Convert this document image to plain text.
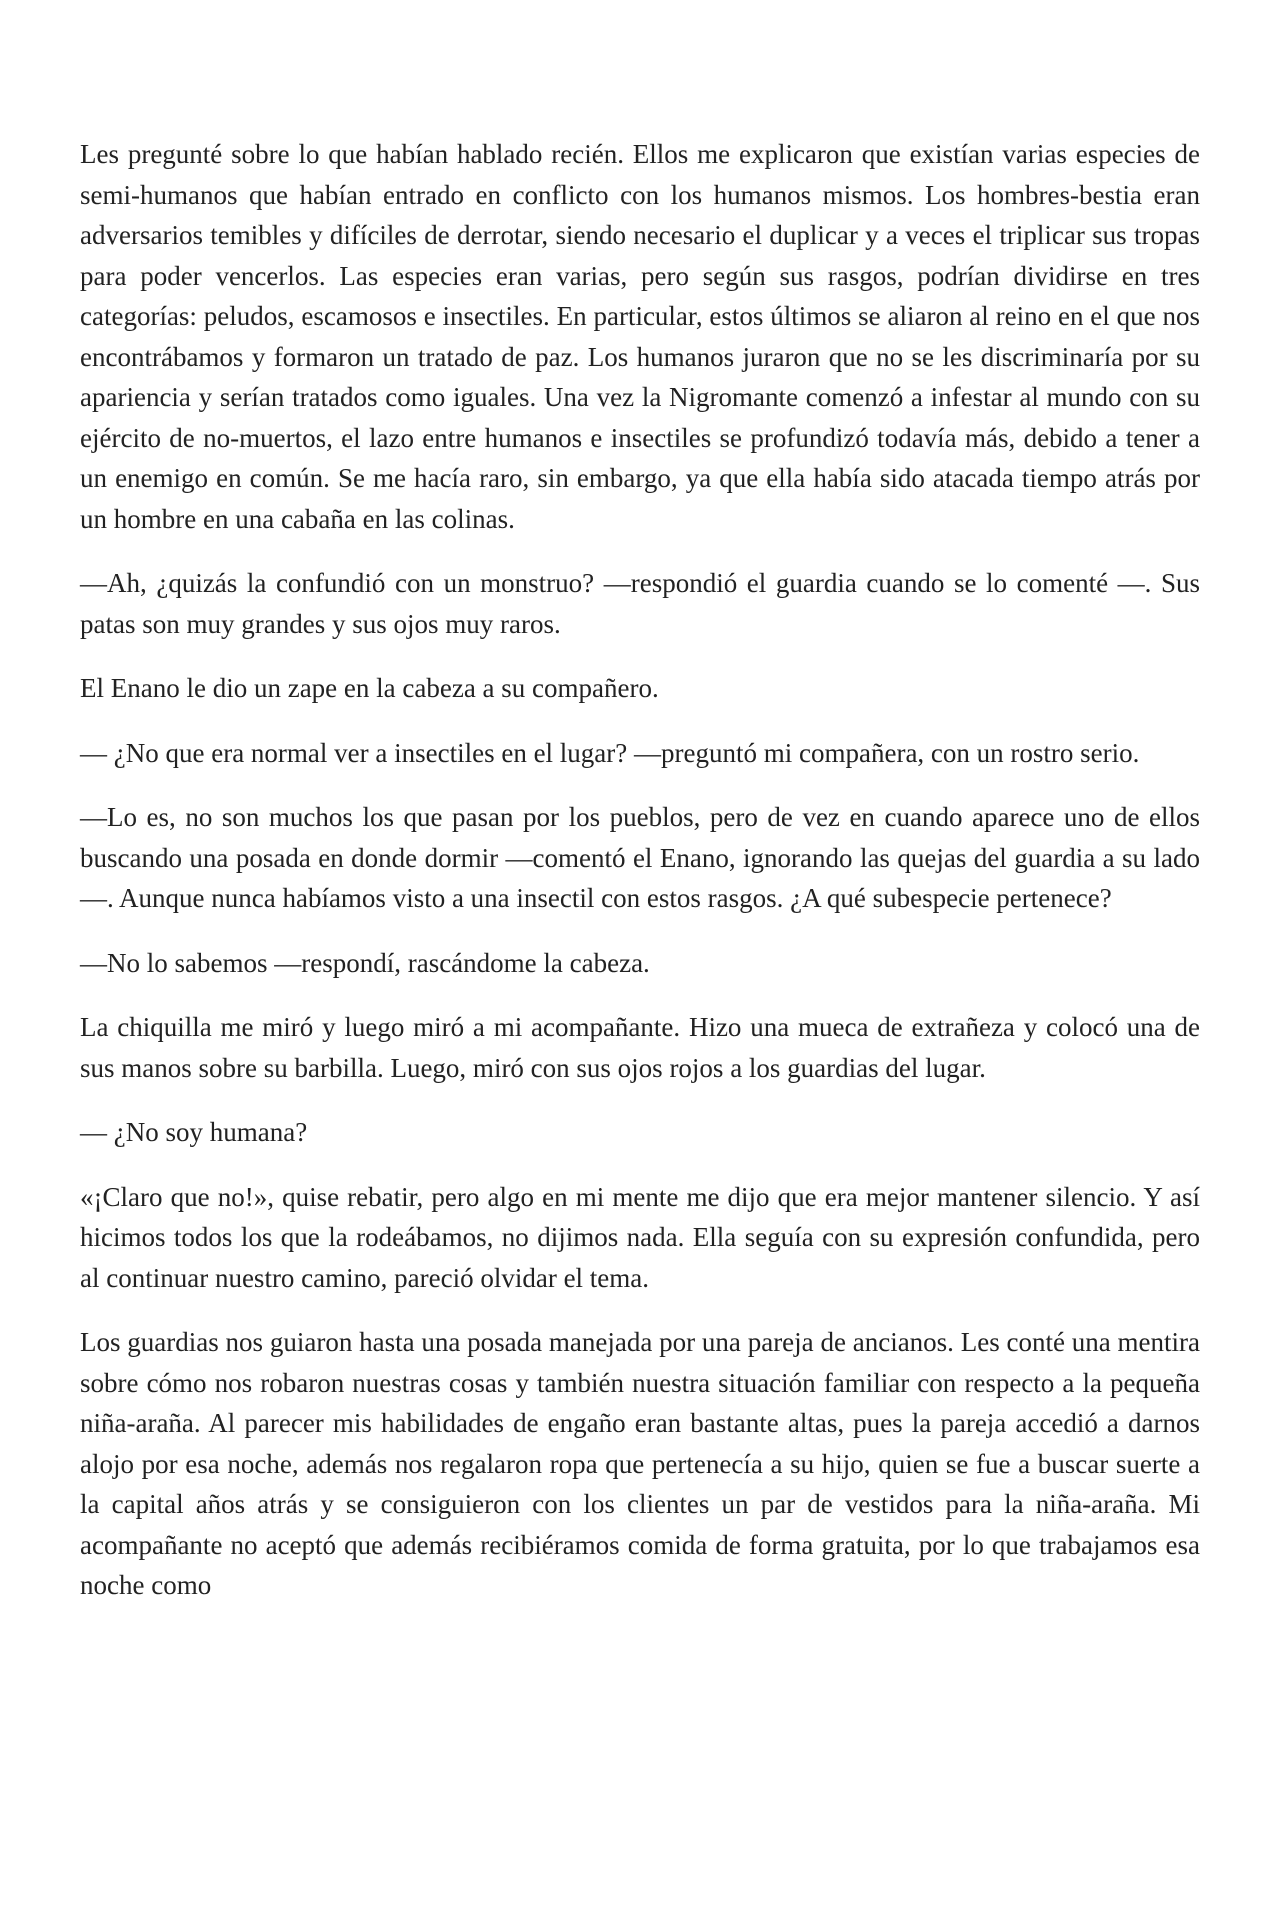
Les pregunté sobre lo que habían hablado recién. Ellos me explicaron que existían varias especies de semi-humanos que habían entrado en conflicto con los humanos mismos. Los hombres-bestia eran adversarios temibles y difíciles de derrotar, siendo necesario el duplicar y a veces el triplicar sus tropas para poder vencerlos. Las especies eran varias, pero según sus rasgos, podrían dividirse en tres categorías: peludos, escamosos e insectiles. En particular, estos últimos se aliaron al reino en el que nos encontrábamos y formaron un tratado de paz. Los humanos juraron que no se les discriminaría por su apariencia y serían tratados como iguales. Una vez la Nigromante comenzó a infestar al mundo con su ejército de no-muertos, el lazo entre humanos e insectiles se profundizó todavía más, debido a tener a un enemigo en común. Se me hacía raro, sin embargo, ya que ella había sido atacada tiempo atrás por un hombre en una cabaña en las colinas.

—Ah, ¿quizás la confundió con un monstruo? —respondió el guardia cuando se lo comenté —. Sus patas son muy grandes y sus ojos muy raros.

El Enano le dio un zape en la cabeza a su compañero.

— ¿No que era normal ver a insectiles en el lugar? —preguntó mi compañera, con un rostro serio.

—Lo es, no son muchos los que pasan por los pueblos, pero de vez en cuando aparece uno de ellos buscando una posada en donde dormir —comentó el Enano, ignorando las quejas del guardia a su lado—. Aunque nunca habíamos visto a una insectil con estos rasgos. ¿A qué subespecie pertenece?

—No lo sabemos —respondí, rascándome la cabeza.

La chiquilla me miró y luego miró a mi acompañante. Hizo una mueca de extrañeza y colocó una de sus manos sobre su barbilla. Luego, miró con sus ojos rojos a los guardias del lugar.

— ¿No soy humana?

«¡Claro que no!», quise rebatir, pero algo en mi mente me dijo que era mejor mantener silencio. Y así hicimos todos los que la rodeábamos, no dijimos nada. Ella seguía con su expresión confundida, pero al continuar nuestro camino, pareció olvidar el tema.

Los guardias nos guiaron hasta una posada manejada por una pareja de ancianos. Les conté una mentira sobre cómo nos robaron nuestras cosas y también nuestra situación familiar con respecto a la pequeña niña-araña. Al parecer mis habilidades de engaño eran bastante altas, pues la pareja accedió a darnos alojo por esa noche, además nos regalaron ropa que pertenecía a su hijo, quien se fue a buscar suerte a la capital años atrás y se consiguieron con los clientes un par de vestidos para la niña-araña. Mi acompañante no aceptó que además recibiéramos comida de forma gratuita, por lo que trabajamos esa noche como
